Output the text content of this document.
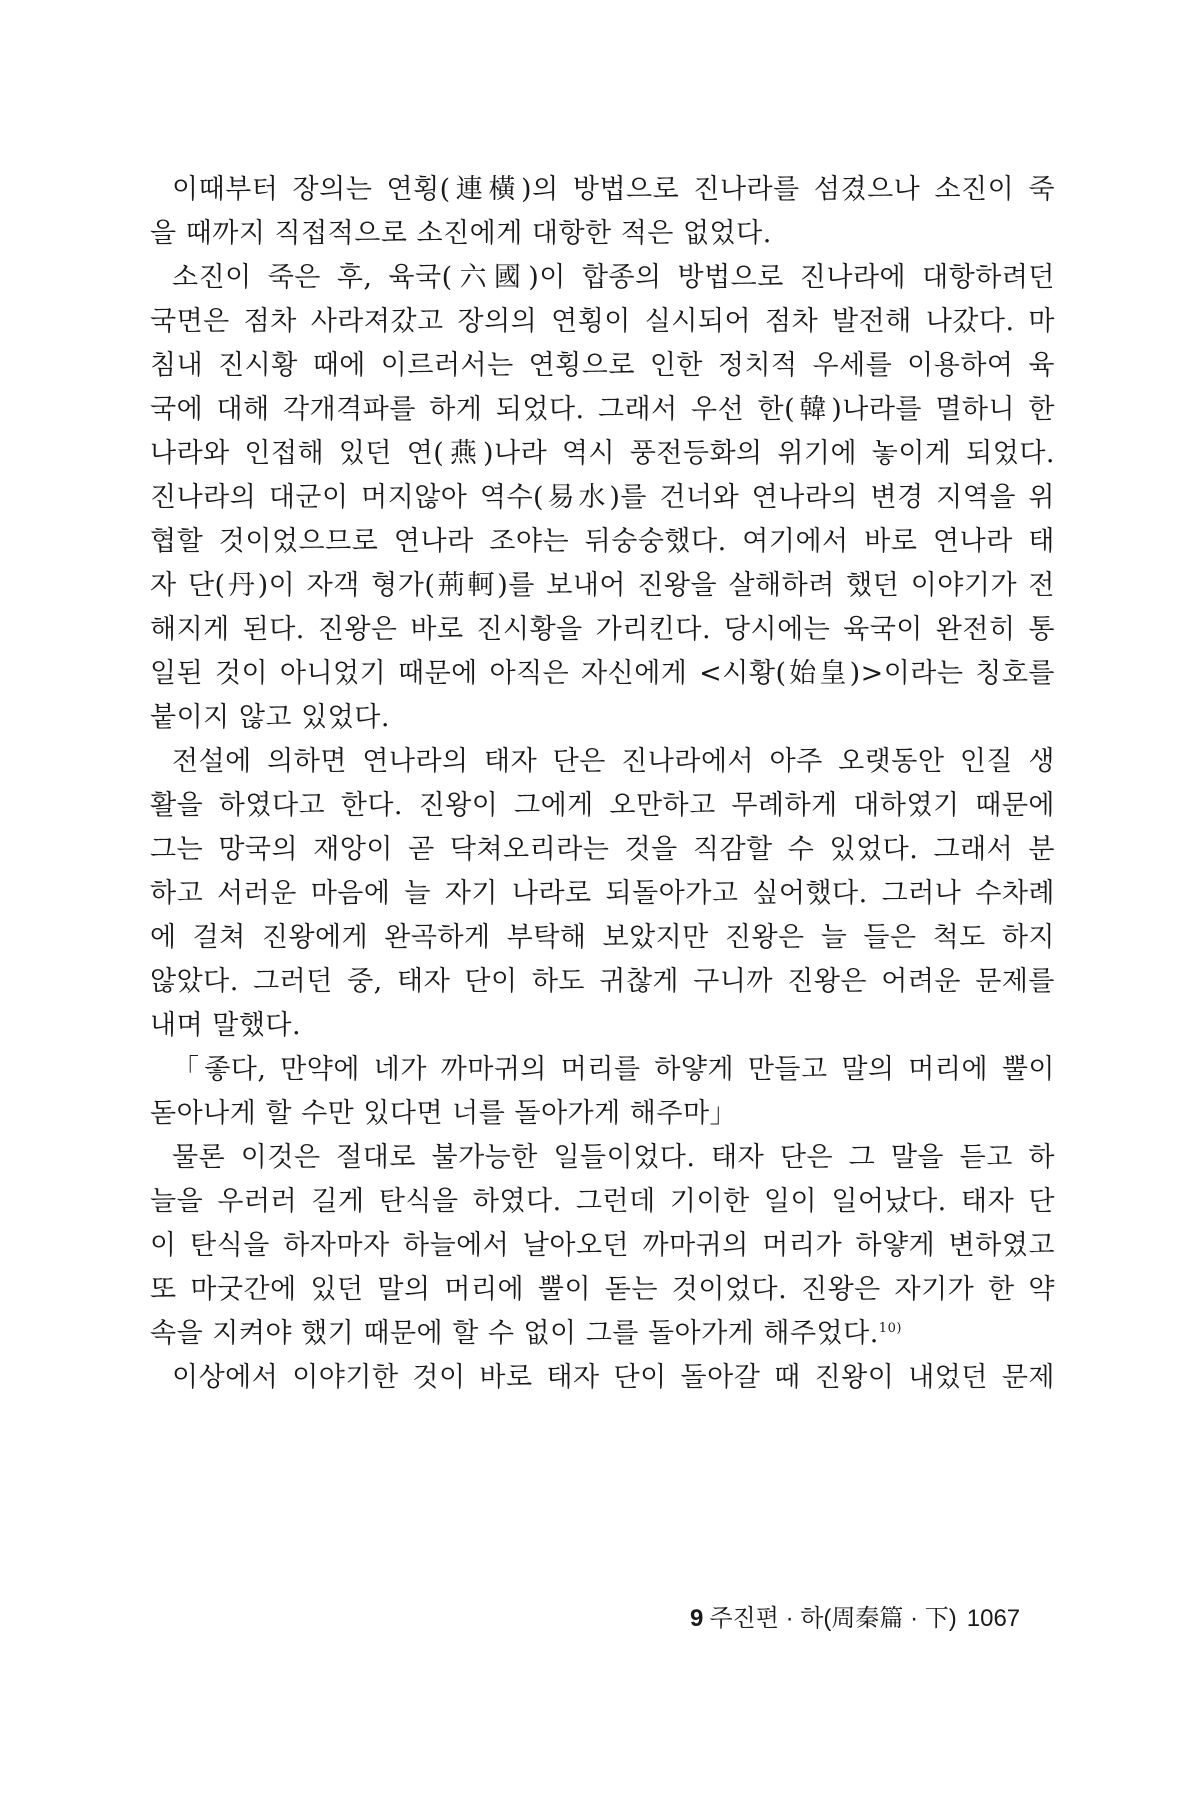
이때부터 장의는 연횡(連橫)의 방법으로 진나라를 섬겼으나 소진이 죽
을 때까지 직접적으로 소진에게 대항한 적은 없었다.
소진이 죽은 후, 육국(六國)이 합종의 방법으로 진나라에 대항하려던
국면은 점차 사라져갔고 장의의 연횡이 실시되어 점차 발전해 나갔다. 마
침내 진시황 때에 이르러서는 연횡으로 인한 정치적 우세를 이용하여 육
국에 대해 각개격파를 하게 되었다. 그래서 우선 한(韓)나라를 멸하니 한
나라와 인접해 있던 연(燕)나라 역시 풍전등화의 위기에 놓이게 되었다.
진나라의 대군이 머지않아 역수(易水)를 건너와 연나라의 변경 지역을 위
협할 것이었으므로 연나라 조야는 뒤숭숭했다. 여기에서 바로 연나라 태
자 단(丹)이 자객 형가(荊軻)를 보내어 진왕을 살해하려 했던 이야기가 전
해지게 된다. 진왕은 바로 진시황을 가리킨다. 당시에는 육국이 완전히 통
일된 것이 아니었기 때문에 아직은 자신에게 <시황(始皇)>이라는 칭호를
붙이지 않고 있었다.
전설에 의하면 연나라의 태자 단은 진나라에서 아주 오랫동안 인질 생
활을 하였다고 한다. 진왕이 그에게 오만하고 무례하게 대하였기 때문에
그는 망국의 재앙이 곧 닥쳐오리라는 것을 직감할 수 있었다. 그래서 분
하고 서러운 마음에 늘 자기 나라로 되돌아가고 싶어했다. 그러나 수차례
에 걸쳐 진왕에게 완곡하게 부탁해 보았지만 진왕은 늘 들은 척도 하지
않았다. 그러던 중, 태자 단이 하도 귀찮게 구니까 진왕은 어려운 문제를
내며 말했다.
「좋다, 만약에 네가 까마귀의 머리를 하얗게 만들고 말의 머리에 뿔이
돋아나게 할 수만 있다면 너를 돌아가게 해주마」
물론 이것은 절대로 불가능한 일들이었다. 태자 단은 그 말을 듣고 하
늘을 우러러 길게 탄식을 하였다. 그런데 기이한 일이 일어났다. 태자 단
이 탄식을 하자마자 하늘에서 날아오던 까마귀의 머리가 하얗게 변하였고
또 마굿간에 있던 말의 머리에 뿔이 돋는 것이었다. 진왕은 자기가 한 약
속을 지켜야 했기 때문에 할 수 없이 그를 돌아가게 해주었다.$^{10)}$
이상에서 이야기한 것이 바로 태자 단이 돌아갈 때 진왕이 내었던 문제
9 주진편 · 하(周秦篇 · 下) 1067
